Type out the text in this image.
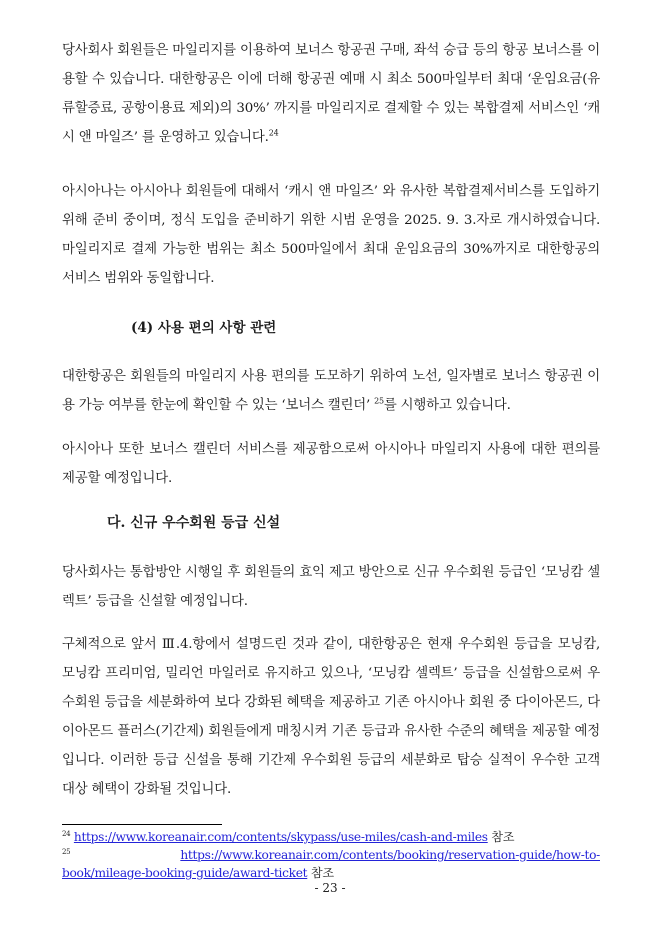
당사회사 회원들은 마일리지를 이용하여 보너스 항공권 구매, 좌석 승급 등의 항공 보너스를 이용할 수 있습니다. 대한항공은 이에 더해 항공권 예매 시 최소 500마일부터 최대 ‘운임요금(유류할증료, 공항이용료 제외)의 30%’ 까지를 마일리지로 결제할 수 있는 복합결제 서비스인 ‘캐시 앤 마일즈’ 를 운영하고 있습니다.$^{24}$

아시아나는 아시아나 회원들에 대해서 ‘캐시 앤 마일즈’ 와 유사한 복합결제서비스를 도입하기 위해 준비 중이며, 정식 도입을 준비하기 위한 시범 운영을 2025. 9. 3.자로 개시하였습니다. 마일리지로 결제 가능한 범위는 최소 500마일에서 최대 운임요금의 30%까지로 대한항공의 서비스 범위와 동일합니다.

(4) 사용 편의 사항 관련

대한항공은 회원들의 마일리지 사용 편의를 도모하기 위하여 노선, 일자별로 보너스 항공권 이용 가능 여부를 한눈에 확인할 수 있는 ‘보너스 캘린더’ $^{25}$를 시행하고 있습니다.

아시아나 또한 보너스 캘린더 서비스를 제공함으로써 아시아나 마일리지 사용에 대한 편의를 제공할 예정입니다.

다. 신규 우수회원 등급 신설

당사회사는 통합방안 시행일 후 회원들의 효익 제고 방안으로 신규 우수회원 등급인 ‘모닝캄 셀렉트’ 등급을 신설할 예정입니다.

구체적으로 앞서 Ⅲ.4.항에서 설명드린 것과 같이, 대한항공은 현재 우수회원 등급을 모닝캄, 모닝캄 프리미엄, 밀리언 마일러로 유지하고 있으나, ‘모닝캄 셀렉트’ 등급을 신설함으로써 우수회원 등급을 세분화하여 보다 강화된 혜택을 제공하고 기존 아시아나 회원 중 다이아몬드, 다이아몬드 플러스(기간제) 회원들에게 매칭시켜 기존 등급과 유사한 수준의 혜택을 제공할 예정입니다. 이러한 등급 신설을 통해 기간제 우수회원 등급의 세분화로 탑승 실적이 우수한 고객 대상 혜택이 강화될 것입니다.

$^{24}$ https://www.koreanair.com/contents/skypass/use-miles/cash-and-miles 참조

$^{25}$	https://www.koreanair.com/contents/booking/reservation-guide/how-to-

book/mileage-booking-guide/award-ticket 참조

- 23 -
